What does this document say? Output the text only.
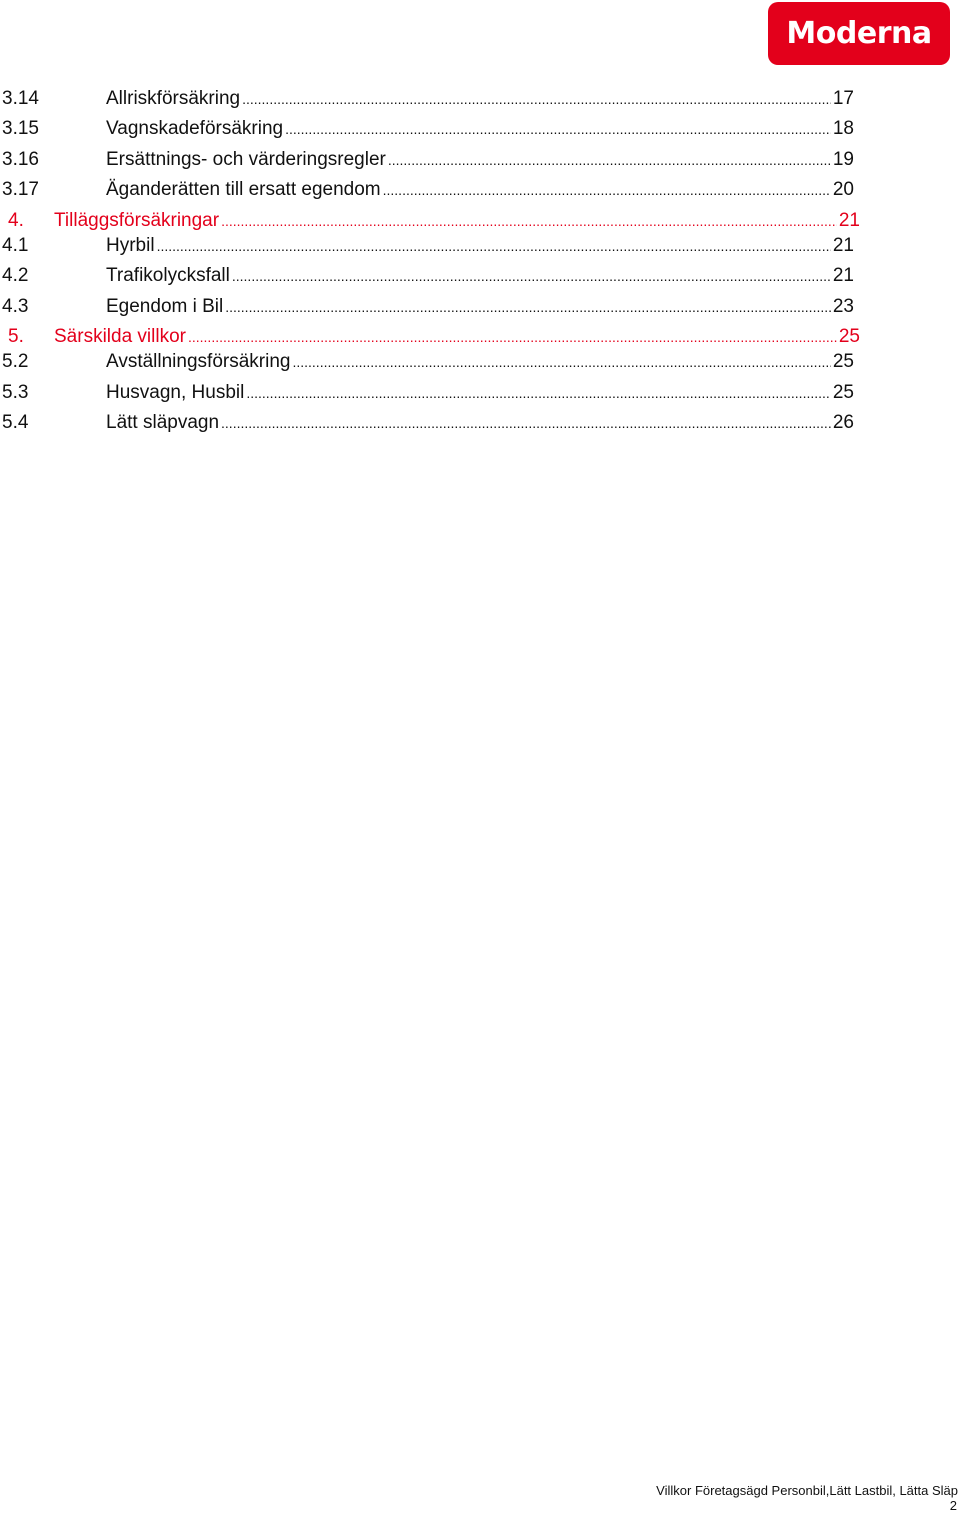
Moderna
3.14	Allriskförsäkring .....	17
3.15	Vagnskadeförsäkring .....	18
3.16	Ersättnings- och värderingsregler .....	19
3.17	Äganderätten till ersatt egendom .....	20
4. Tilläggsförsäkringar .....	21
4.1	Hyrbil .....	21
4.2	Trafikolycksfall .....	21
4.3	Egendom i Bil .....	23
5. Särskilda villkor .....	25
5.2	Avställningsförsäkring .....	25
5.3	Husvagn, Husbil .....	25
5.4	Lätt släpvagn .....	26
Villkor Företagsägd Personbil,Lätt Lastbil, Lätta Släp
2
